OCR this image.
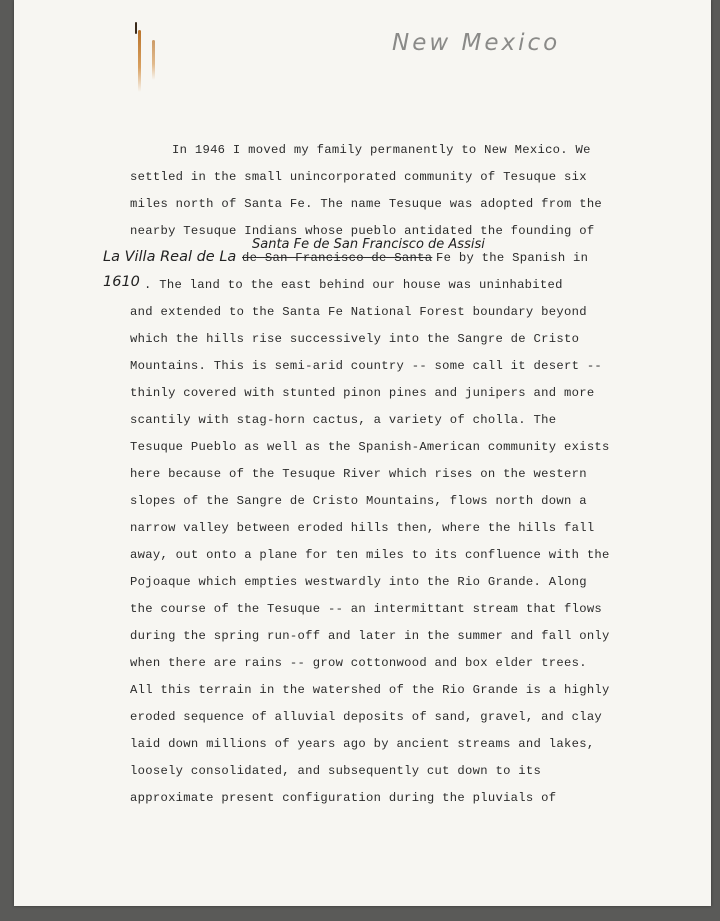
New Mexico
In 1946 I moved my family permanently to New Mexico. We
settled in the small unincorporated community of Tesuque six
miles north of Santa Fe. The name Tesuque was adopted from the
nearby Tesuque Indians whose pueblo antidated the founding of
Santa Fe de San Francisco de Assisi
La Villa Real de La de San Francisco de Santa Fe by the Spanish in
1610 . The land to the east behind our house was uninhabited
and extended to the Santa Fe National Forest boundary beyond
which the hills rise successively into the Sangre de Cristo
Mountains. This is semi-arid country -- some call it desert --
thinly covered with stunted pinon pines and junipers and more
scantily with stag-horn cactus, a variety of cholla. The
Tesuque Pueblo as well as the Spanish-American community exists
here because of the Tesuque River which rises on the western
slopes of the Sangre de Cristo Mountains, flows north down a
narrow valley between eroded hills then, where the hills fall
away, out onto a plane for ten miles to its confluence with the
Pojoaque which empties westwardly into the Rio Grande. Along
the course of the Tesuque -- an intermittant stream that flows
during the spring run-off and later in the summer and fall only
when there are rains -- grow cottonwood and box elder trees.
All this terrain in the watershed of the Rio Grande is a highly
eroded sequence of alluvial deposits of sand, gravel, and clay
laid down millions of years ago by ancient streams and lakes,
loosely consolidated, and subsequently cut down to its
approximate present configuration during the pluvials of
